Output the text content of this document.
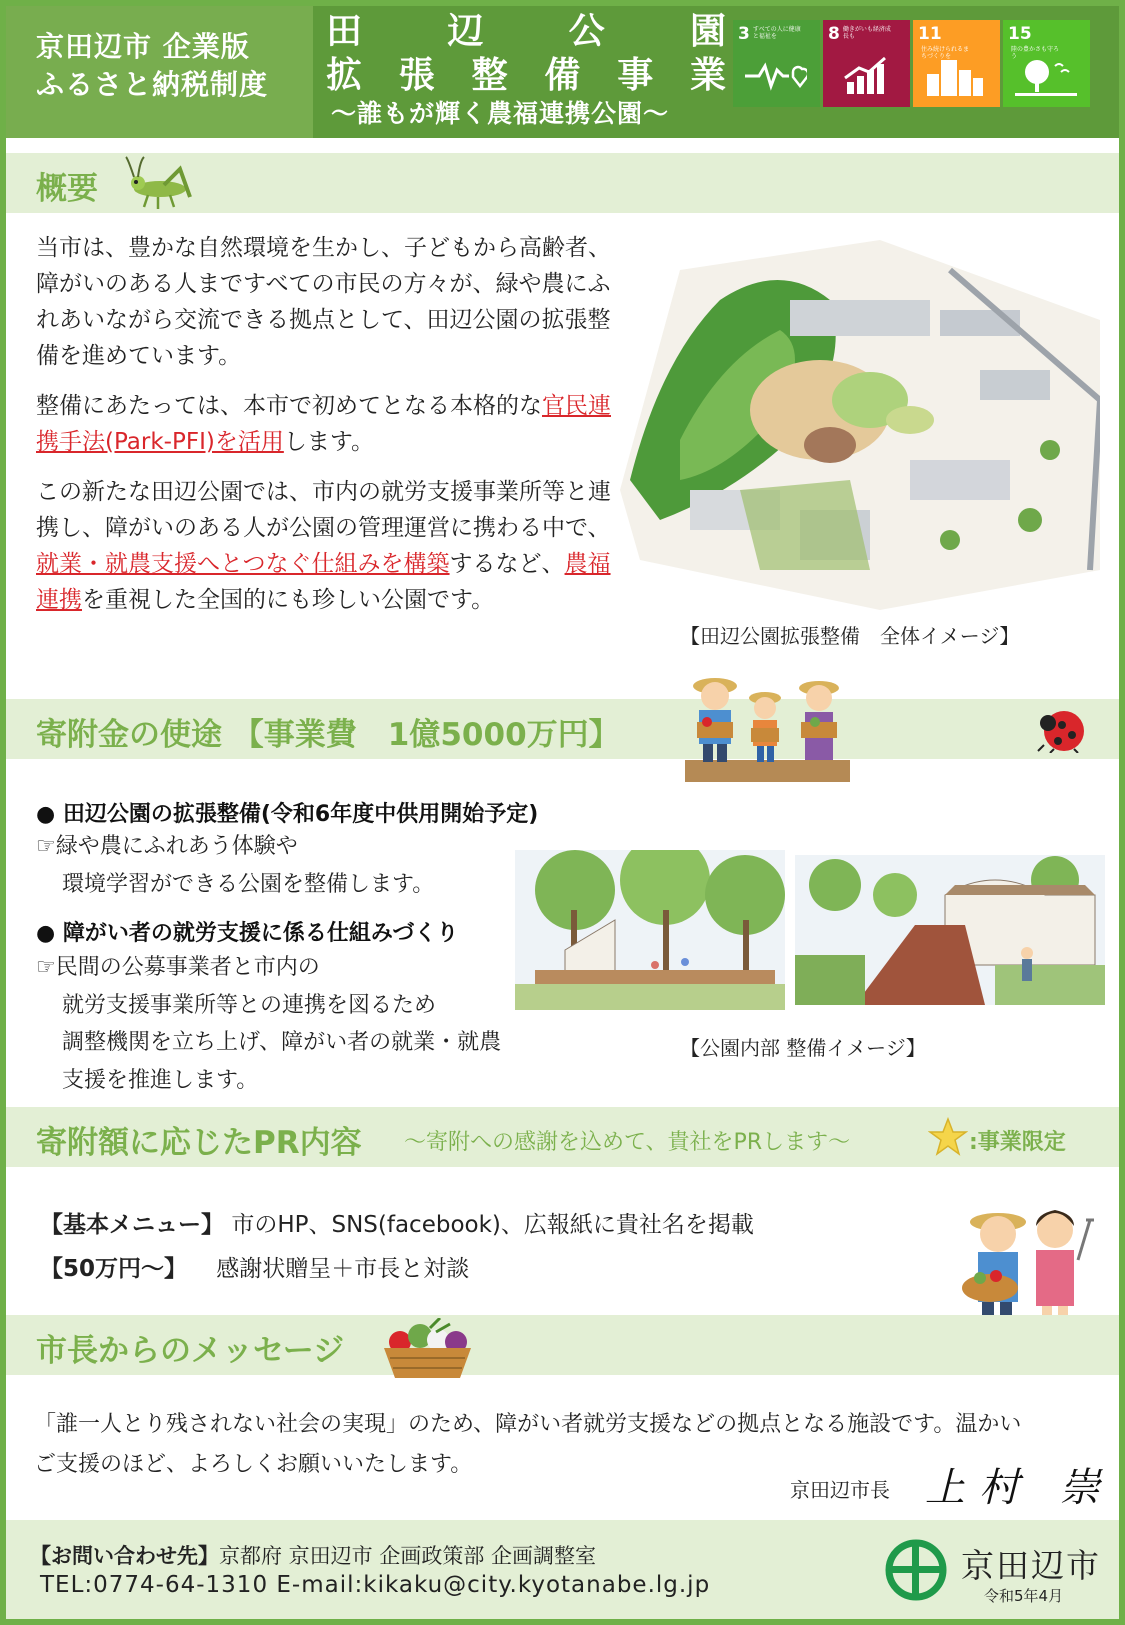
京田辺市 企業版
ふるさと納税制度
田辺公園
拡張整備事業
～誰もが輝く農福連携公園～
3 すべての人に健康と福祉を	8 働きがいも経済成長も	11住み続けられるまちづくりを
15陸の豊かさも守ろう
概要

当市は、豊かな自然環境を生かし、子どもから高齢者、障がいのある人まですべての市民の方々が、緑や農にふれあいながら交流できる拠点として、田辺公園の拡張整備を進めています。

整備にあたっては、本市で初めてとなる本格的な官民連携手法(Park-PFI)を活用します。

この新たな田辺公園では、市内の就労支援事業所等と連携し、障がいのある人が公園の管理運営に携わる中で、就業・就農支援へとつなぐ仕組みを構築するなど、農福連携を重視した全国的にも珍しい公園です。

【田辺公園拡張整備　全体イメージ】
寄附金の使途 【事業費　1億5000万円】
● 田辺公園の拡張整備(令和6年度中供用開始予定)
☞緑や農にふれあう体験や
環境学習ができる公園を整備します。
● 障がい者の就労支援に係る仕組みづくり
☞民間の公募事業者と市内の
就労支援事業所等との連携を図るため
調整機関を立ち上げ、障がい者の就業・就農
支援を推進します。
【公園内部 整備イメージ】
寄附額に応じたPR内容 ～寄附への感謝を込めて、貴社をPRします～	:事業限定
【基本メニュー】 市のHP、SNS(facebook)、広報紙に貴社名を掲載
【50万円～】 感謝状贈呈＋市長と対談
市長からのメッセージ
「誰一人とり残されない社会の実現」のため、障がい者就労支援などの拠点となる施設です。温かい
ご支援のほど、よろしくお願いいたします。
京田辺市長 上村 崇
【お問い合わせ先】京都府 京田辺市 企画政策部 企画調整室
TEL:0774-64-1310 E-mail:kikaku@city.kyotanabe.lg.jp	京田辺市
令和5年4月
